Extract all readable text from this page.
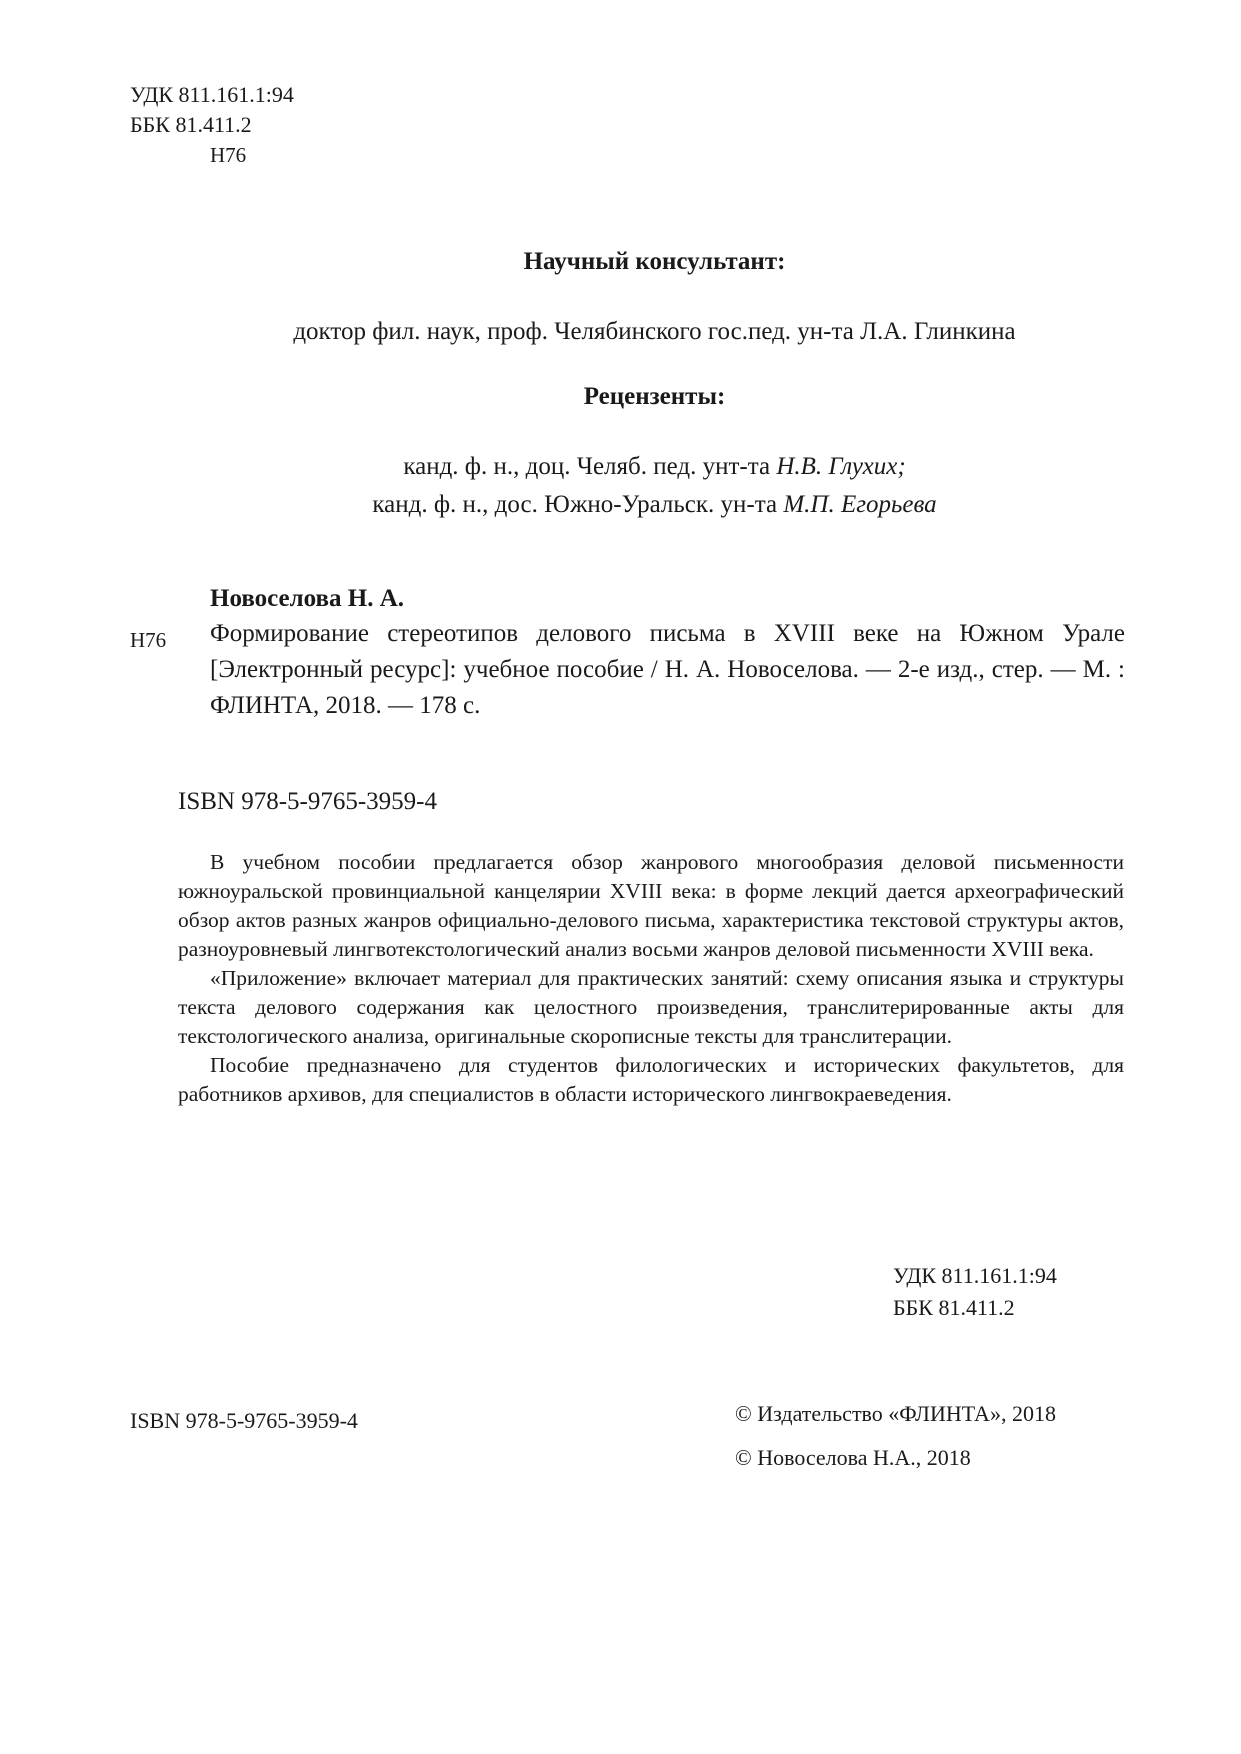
УДК 811.161.1:94
ББК 81.411.2
Н76
Научный консультант:
доктор фил. наук, проф. Челябинского гос.пед. ун-та Л.А. Глинкина
Рецензенты:
канд. ф. н., доц. Челяб. пед. унт-та Н.В. Глухих;
канд. ф. н., дос. Южно-Уральск. ун-та М.П. Егорьева
Новоселова Н. А.
Н76 Формирование стереотипов делового письма в XVIII веке на Южном Урале [Электронный ресурс]: учебное пособие / Н. А. Новоселова. — 2-е изд., стер. — М. : ФЛИНТА, 2018. — 178 с.
ISBN 978-5-9765-3959-4

В учебном пособии предлагается обзор жанрового многообразия деловой письменности южноуральской провинциальной канцелярии XVIII века: в форме лекций дается археографический обзор актов разных жанров официально-делового письма, характеристика текстовой структуры актов, разноуровневый лингвотекстологический анализ восьми жанров деловой письменности XVIII века.

«Приложение» включает материал для практических занятий: схему описания языка и структуры текста делового содержания как целостного произведения, транслитерированные акты для текстологического анализа, оригинальные скорописные тексты для транслитерации.

Пособие предназначено для студентов филологических и исторических факультетов, для работников архивов, для специалистов в области исторического лингвокраеведения.

УДК 811.161.1:94
ББК 81.411.2
ISBN 978-5-9765-3959-4	© Издательство «ФЛИНТА», 2018
© Новоселова Н.А., 2018
